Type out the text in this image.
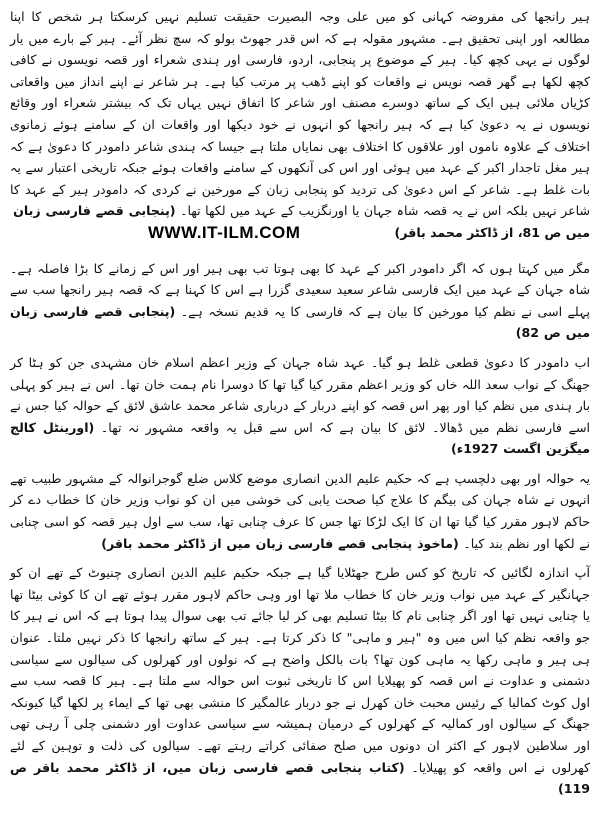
ہیر رانجھا کی مفروضہ کہانی کو میں علی وجہ البصیرت حقیقت تسلیم نہیں کرسکتا ہر شخص کا اپنا مطالعہ اور اپنی تحقیق ہے۔ مشہور مقولہ ہے کہ اس قدر جھوٹ بولو کہ سچ نظر آئے۔ ہیر کے بارے میں یار لوگوں نے یہی کچھ کیا۔ ہیر کے موضوع پر پنجابی، اردو، فارسی اور ہندی شعراء اور قصہ نویسوں نے کافی کچھ لکھا ہے گھر قصہ نویس نے واقعات کو اپنے ڈھب پر مرتب کیا ہے۔ ہر شاعر نے اپنے انداز میں واقعاتی کڑیاں ملائی ہیں ایک کے ساتھ دوسرے مصنف اور شاعر کا اتفاق نہیں یہاں تک کہ بیشتر شعراء اور وقائع نویسوں نے یہ دعویٰ کیا ہے کہ ہیر رانجھا کو انہوں نے خود دیکھا اور واقعات ان کے سامنے ہوئے زمانوی اختلاف کے علاوہ ناموں اور علاقوں کا اختلاف بھی نمایاں ملتا ہے جیسا کہ ہندی شاعر دامودر کا دعویٰ ہے کہ ہیر مغل تاجدار اکبر کے عہد میں ہوئی اور اس کی آنکھوں کے سامنے واقعات ہوئے جبکہ تاریخی اعتبار سے یہ بات غلط ہے۔ شاعر کے اس دعویٰ کی تردید کو پنجابی زبان کے مورخین نے کردی کہ دامودر ہیر کے عہد کا شاعر نہیں بلکہ اس نے یہ قصہ شاہ جہان یا اورنگزیب کے عہد میں لکھا تھا۔ (پنجابی قصے فارسی زبان

WWW.IT-ILM.COM	میں ص 81، از ڈاکٹر محمد باقر)

مگر میں کہتا ہوں کہ اگر دامودر اکبر کے عہد کا بھی ہوتا تب بھی ہیر اور اس کے زمانے کا بڑا فاصلہ ہے۔ شاہ جہان کے عہد میں ایک فارسی شاعر سعید سعیدی گزرا ہے اس کا کہنا ہے کہ قصہ ہیر رانجھا سب سے پہلے اسی نے نظم کیا مورخین کا بیان ہے کہ فارسی کا یہ قدیم نسخہ ہے۔ (پنجابی قصے فارسی زبان میں ص 82)

اب دامودر کا دعویٰ قطعی غلط ہو گیا۔ عہد شاہ جہان کے وزیر اعظم اسلام خان مشہدی جن کو ہٹا کر جھنگ کے نواب سعد اللہ خاں کو وزیر اعظم مقرر کیا گیا تھا کا دوسرا نام ہمت خان تھا۔ اس نے ہیر کو پہلی بار ہندی میں نظم کیا اور پھر اس قصہ کو اپنے دربار کے درباری شاعر محمد عاشق لائق کے حوالہ کیا جس نے اسے فارسی نظم میں ڈھالا۔ لائق کا بیان ہے کہ اس سے قبل یہ واقعہ مشہور نہ تھا۔ (اورینٹل کالج میگزین اگست 1927ء)

یہ حوالہ اور بھی دلچسپ ہے کہ حکیم علیم الدین انصاری موضع کلاس ضلع گوجرانوالہ کے مشہور طبیب تھے انہوں نے شاہ جہان کی بیگم کا علاج کیا صحت یابی کی خوشی میں ان کو نواب وزیر خان کا خطاب دے کر حاکم لاہور مقرر کیا گیا تھا ان کا ایک لڑکا تھا جس کا عرف چنابی تھا، سب سے اول ہیر قصہ کو اسی چنابی نے لکھا اور نظم بند کیا۔ (ماخوذ پنجابی قصے فارسی زبان میں از ڈاکٹر محمد باقر)

آپ اندازہ لگائیں کہ تاریخ کو کس طرح جھٹلایا گیا ہے جبکہ حکیم علیم الدین انصاری چنیوٹ کے تھے ان کو جہانگیر کے عہد میں نواب وزیر خان کا خطاب ملا تھا اور وہی حاکم لاہور مقرر ہوئے تھے ان کا کوئی بیٹا تھا یا چنابی نہیں تھا اور اگر چنابی نام کا بیٹا تسلیم بھی کر لیا جائے تب بھی سوال پیدا ہوتا ہے کہ اس نے ہیر کا جو واقعہ نظم کیا اس میں وہ "ہیر و ماہی" کا ذکر کرتا ہے۔ ہیر کے ساتھ رانجھا کا ذکر نہیں ملتا۔ عنوان ہی ہیر و ماہی رکھا یہ ماہی کون تھا؟ بات بالکل واضح ہے کہ نولوں اور کھرلوں کی سیالوں سے سیاسی دشمنی و عداوت نے اس قصہ کو پھیلایا اس کا تاریخی ثبوت اس حوالہ سے ملتا ہے۔ ہیر کا قصہ سب سے اول کوٹ کمالیا کے رئیس محبت خان کھرل نے جو دربار عالمگیر کا منشی بھی تھا کے ایماء پر لکھا گیا کیونکہ جھنگ کے سیالوں اور کمالیہ کے کھرلوں کے درمیان ہمیشہ سے سیاسی عداوت اور دشمنی چلی آ رہی تھی اور سلاطین لاہور کے اکثر ان دونوں میں صلح صفائی کراتے رہتے تھے۔ سیالوں کی ذلت و توہین کے لئے کھرلوں نے اس واقعہ کو پھیلایا۔ (کتاب پنجابی قصے فارسی زبان میں، از ڈاکٹر محمد باقر ص 119)
